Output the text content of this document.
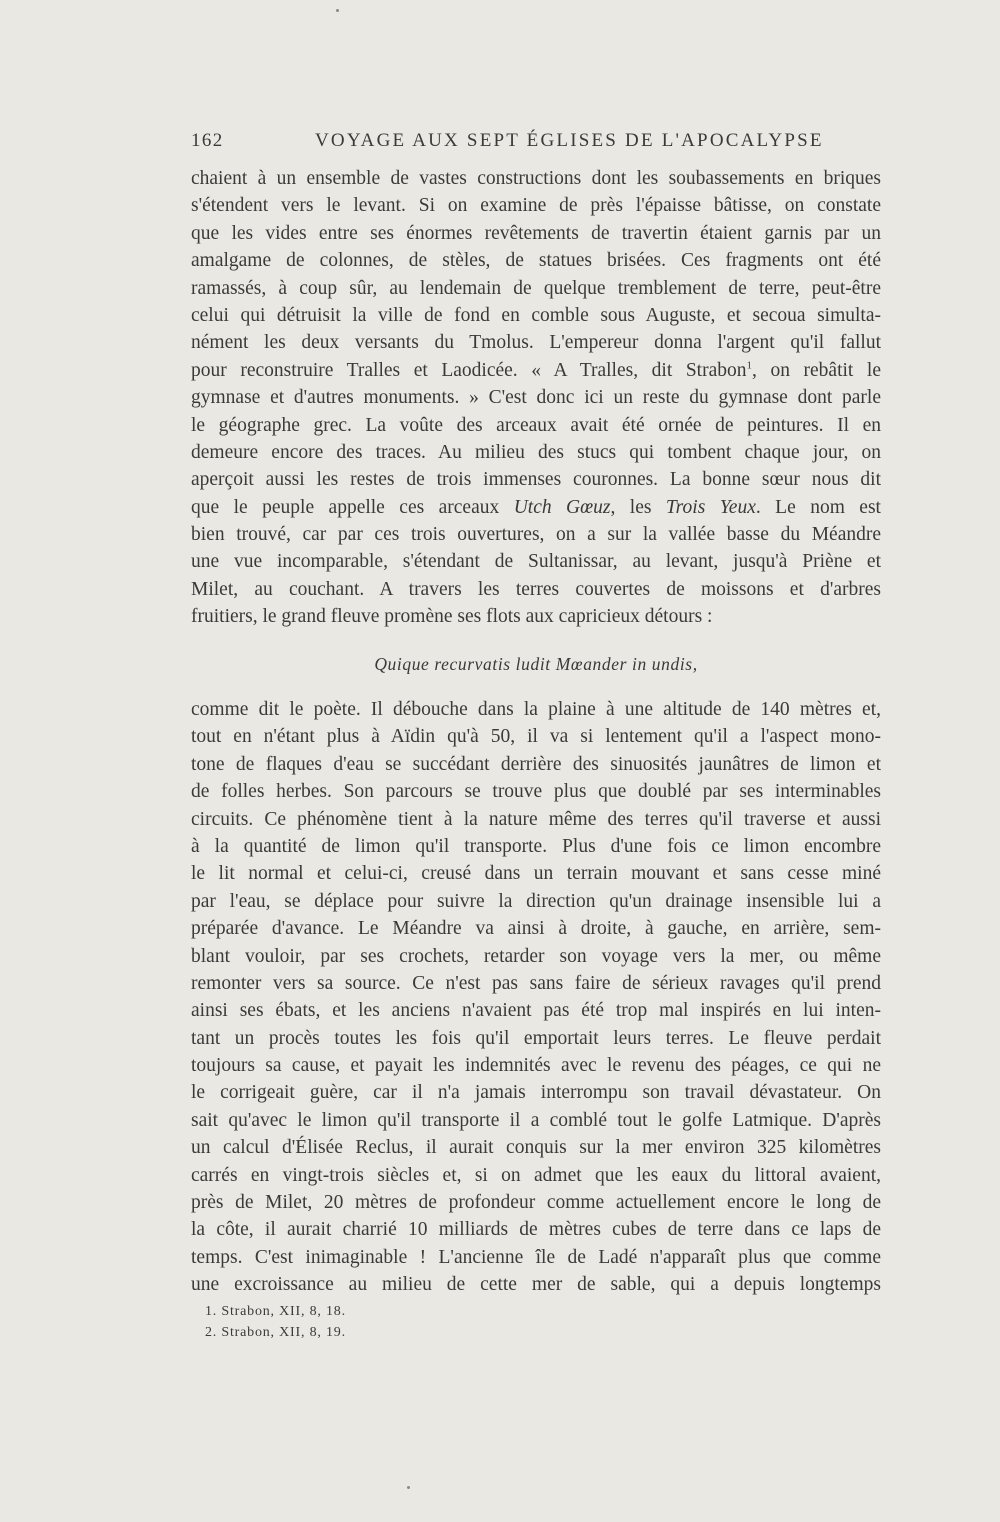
162	VOYAGE AUX SEPT ÉGLISES DE L'APOCALYPSE
chaient à un ensemble de vastes constructions dont les soubassements en briques
s'étendent vers le levant. Si on examine de près l'épaisse bâtisse, on constate
que les vides entre ses énormes revêtements de travertin étaient garnis par un
amalgame de colonnes, de stèles, de statues brisées. Ces fragments ont été
ramassés, à coup sûr, au lendemain de quelque tremblement de terre, peut-être
celui qui détruisit la ville de fond en comble sous Auguste, et secoua simulta-
nément les deux versants du Tmolus. L'empereur donna l'argent qu'il fallut
pour reconstruire Tralles et Laodicée. « A Tralles, dit Strabon$^1$, on rebâtit le
gymnase et d'autres monuments. » C'est donc ici un reste du gymnase dont parle
le géographe grec. La voûte des arceaux avait été ornée de peintures. Il en
demeure encore des traces. Au milieu des stucs qui tombent chaque jour, on
aperçoit aussi les restes de trois immenses couronnes. La bonne sœur nous dit
que le peuple appelle ces arceaux Utch Gœuz, les Trois Yeux. Le nom est
bien trouvé, car par ces trois ouvertures, on a sur la vallée basse du Méandre
une vue incomparable, s'étendant de Sultanissar, au levant, jusqu'à Priène et
Milet, au couchant. A travers les terres couvertes de moissons et d'arbres
fruitiers, le grand fleuve promène ses flots aux capricieux détours :
Quique recurvatis ludit Mœander in undis,
comme dit le poète. Il débouche dans la plaine à une altitude de 140 mètres et,
tout en n'étant plus à Aïdin qu'à 50, il va si lentement qu'il a l'aspect mono-
tone de flaques d'eau se succédant derrière des sinuosités jaunâtres de limon et
de folles herbes. Son parcours se trouve plus que doublé par ses interminables
circuits. Ce phénomène tient à la nature même des terres qu'il traverse et aussi
à la quantité de limon qu'il transporte. Plus d'une fois ce limon encombre
le lit normal et celui-ci, creusé dans un terrain mouvant et sans cesse miné
par l'eau, se déplace pour suivre la direction qu'un drainage insensible lui a
préparée d'avance. Le Méandre va ainsi à droite, à gauche, en arrière, sem-
blant vouloir, par ses crochets, retarder son voyage vers la mer, ou même
remonter vers sa source. Ce n'est pas sans faire de sérieux ravages qu'il prend
ainsi ses ébats, et les anciens n'avaient pas été trop mal inspirés en lui inten-
tant un procès toutes les fois qu'il emportait leurs terres. Le fleuve perdait
toujours sa cause, et payait les indemnités avec le revenu des péages, ce qui ne
le corrigeait guère, car il n'a jamais interrompu son travail dévastateur. On
sait qu'avec le limon qu'il transporte il a comblé tout le golfe Latmique. D'après
un calcul d'Élisée Reclus, il aurait conquis sur la mer environ 325 kilomètres
carrés en vingt-trois siècles et, si on admet que les eaux du littoral avaient,
près de Milet, 20 mètres de profondeur comme actuellement encore le long de
la côte, il aurait charrié 10 milliards de mètres cubes de terre dans ce laps de
temps. C'est inimaginable ! L'ancienne île de Ladé n'apparaît plus que comme
une excroissance au milieu de cette mer de sable, qui a depuis longtemps
1. Strabon, XII, 8, 18.
2. Strabon, XII, 8, 19.
